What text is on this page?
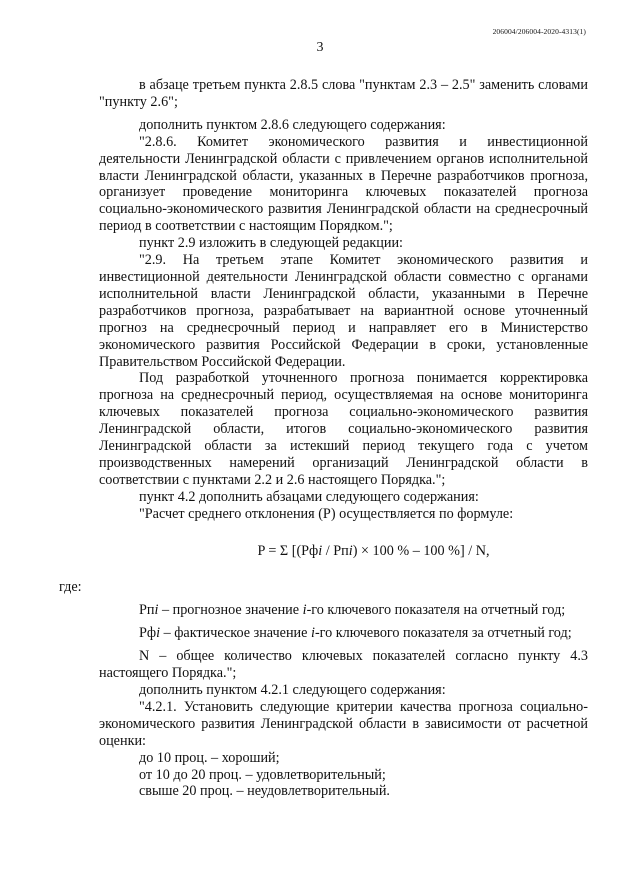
206004/206004-2020-4313(1)
3

в абзаце третьем пункта 2.8.5 слова "пунктам 2.3 – 2.5" заменить словами "пункту 2.6";

дополнить пунктом 2.8.6 следующего содержания:

"2.8.6. Комитет экономического развития и инвестиционной деятельности Ленинградской области с привлечением органов исполнительной власти Ленинградской области, указанных в Перечне разработчиков прогноза, организует проведение мониторинга ключевых показателей прогноза социально-экономического развития Ленинградской области на среднесрочный период в соответствии с настоящим Порядком.";

пункт 2.9 изложить в следующей редакции:

"2.9. На третьем этапе Комитет экономического развития и инвестиционной деятельности Ленинградской области совместно с органами исполнительной власти Ленинградской области, указанными в Перечне разработчиков прогноза, разрабатывает на вариантной основе уточненный прогноз на среднесрочный период и направляет его в Министерство экономического развития Российской Федерации в сроки, установленные Правительством Российской Федерации.

Под разработкой уточненного прогноза понимается корректировка прогноза на среднесрочный период, осуществляемая на основе мониторинга ключевых показателей прогноза социально-экономического развития Ленинградской области, итогов социально-экономического развития Ленинградской области за истекший период текущего года с учетом производственных намерений организаций Ленинградской области в соответствии с пунктами 2.2 и 2.6 настоящего Порядка.";

пункт 4.2 дополнить абзацами следующего содержания:

"Расчет среднего отклонения (Р) осуществляется по формуле:

P = Σ [(Рфi / Рпi) × 100 % – 100 %] / N,

где:

Рпi – прогнозное значение i-го ключевого показателя на отчетный год;

Рфi – фактическое значение i-го ключевого показателя за отчетный год;

N – общее количество ключевых показателей согласно пункту 4.3 настоящего Порядка.";

дополнить пунктом 4.2.1 следующего содержания:

"4.2.1. Установить следующие критерии качества прогноза социально-экономического развития Ленинградской области в зависимости от расчетной оценки:

до 10 проц. – хороший;

от 10 до 20 проц. – удовлетворительный;

свыше 20 проц. – неудовлетворительный.
